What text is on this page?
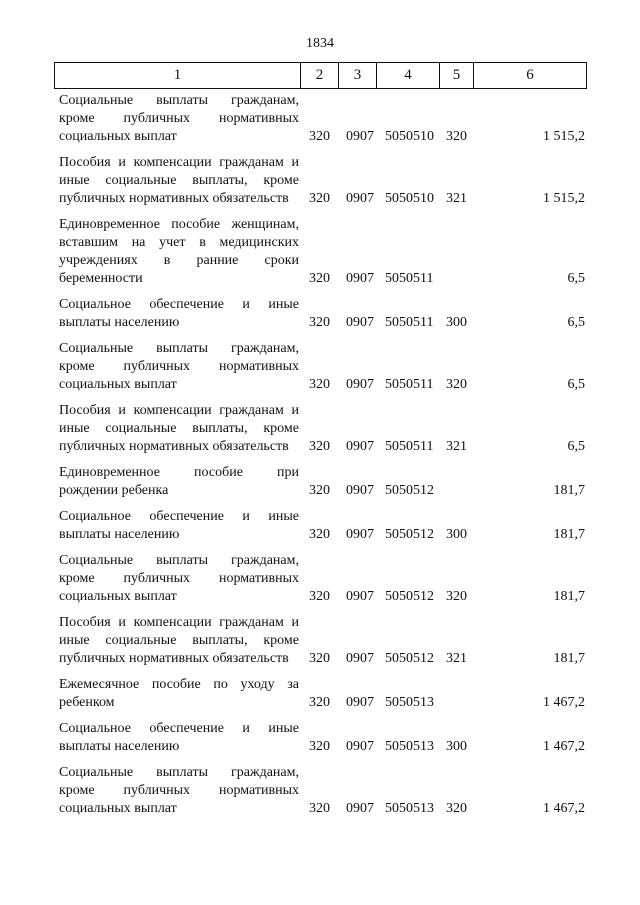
1834
1	2	3	4	5	6
Социальные выплаты гражданам, кроме публичных нормативных социальных выплат	320 0907 5050510 320	1 515,2
Пособия и компенсации гражданам и иные социальные выплаты, кроме публичных нормативных обязательств	320 0907 5050510 321	1 515,2
Единовременное пособие женщинам, вставшим на учет в медицинских учреждениях в ранние сроки беременности	320 0907 5050511	6,5
Социальное обеспечение и иные выплаты населению	320 0907 5050511 300	6,5
Социальные выплаты гражданам, кроме публичных нормативных социальных выплат	320 0907 5050511 320	6,5
Пособия и компенсации гражданам и иные социальные выплаты, кроме публичных нормативных обязательств	320 0907 5050511 321	6,5
Единовременное пособие при рождении ребенка	320 0907 5050512	181,7
Социальное обеспечение и иные выплаты населению	320 0907 5050512 300	181,7
Социальные выплаты гражданам, кроме публичных нормативных социальных выплат	320 0907 5050512 320	181,7
Пособия и компенсации гражданам и иные социальные выплаты, кроме публичных нормативных обязательств	320 0907 5050512 321	181,7
Ежемесячное пособие по уходу за ребенком	320 0907 5050513	1 467,2
Социальное обеспечение и иные выплаты населению	320 0907 5050513 300	1 467,2
Социальные выплаты гражданам, кроме публичных нормативных социальных выплат	320 0907 5050513 320	1 467,2
